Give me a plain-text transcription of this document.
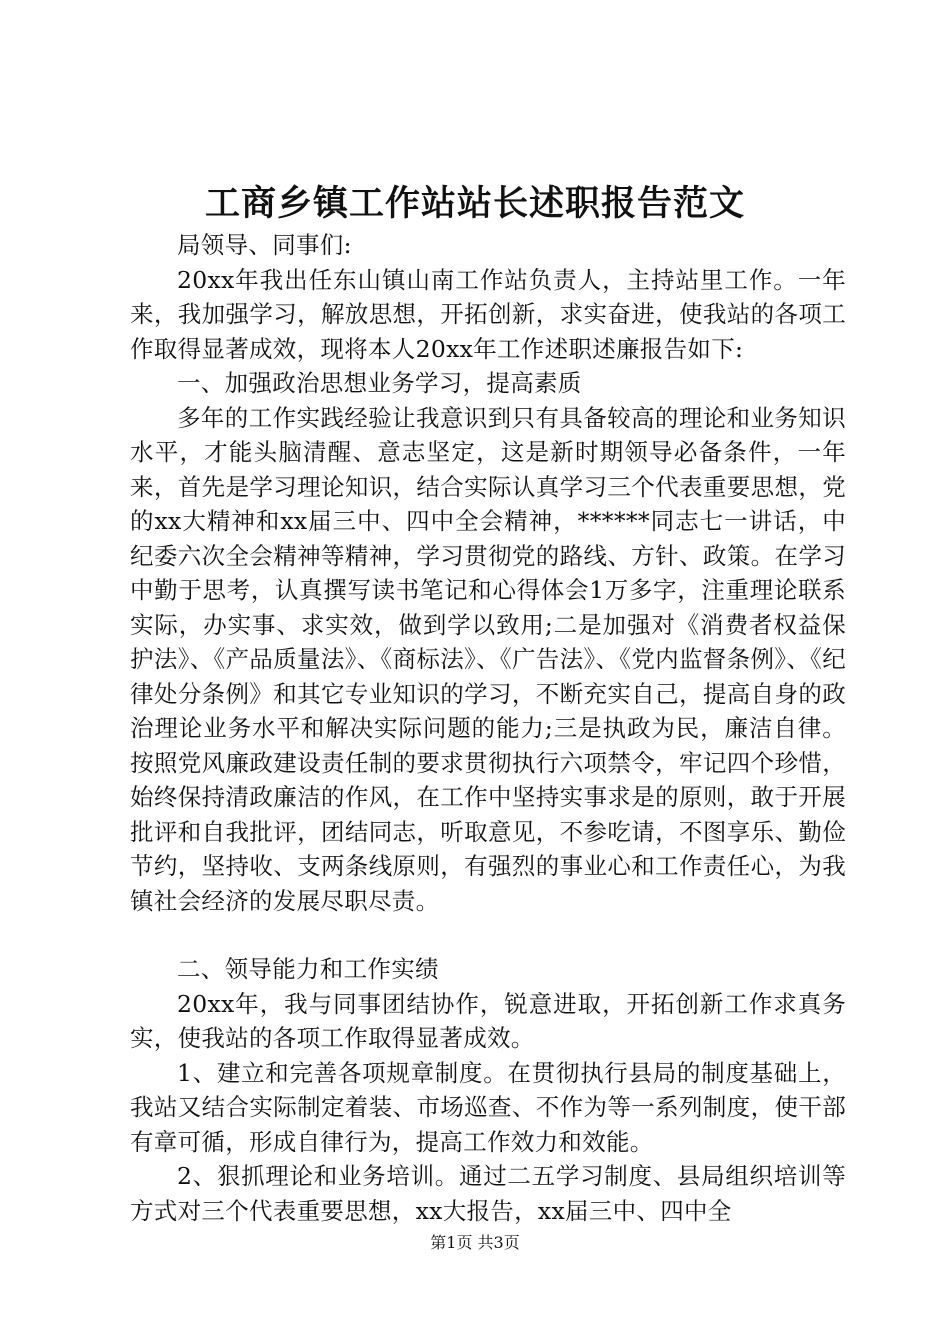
工商乡镇工作站站长述职报告范文

局领导、同事们:

20xx年我出任东山镇山南工作站负责人，主持站里工作。一年来，我加强学习，解放思想，开拓创新，求实奋进，使我站的各项工作取得显著成效，现将本人20xx年工作述职述廉报告如下:

一、加强政治思想业务学习，提高素质

多年的工作实践经验让我意识到只有具备较高的理论和业务知识水平，才能头脑清醒、意志坚定，这是新时期领导必备条件，一年来，首先是学习理论知识，结合实际认真学习三个代表重要思想，党的xx大精神和xx届三中、四中全会精神，******同志七一讲话，中纪委六次全会精神等精神，学习贯彻党的路线、方针、政策。在学习中勤于思考，认真撰写读书笔记和心得体会1万多字，注重理论联系实际，办实事、求实效，做到学以致用;二是加强对《消费者权益保护法》、《产品质量法》、《商标法》、《广告法》、《党内监督条例》、《纪律处分条例》和其它专业知识的学习，不断充实自己，提高自身的政治理论业务水平和解决实际问题的能力;三是执政为民，廉洁自律。按照党风廉政建设责任制的要求贯彻执行六项禁令，牢记四个珍惜，始终保持清政廉洁的作风，在工作中坚持实事求是的原则，敢于开展批评和自我批评，团结同志，听取意见，不参吃请，不图享乐、勤俭节约，坚持收、支两条线原则，有强烈的事业心和工作责任心，为我镇社会经济的发展尽职尽责。

二、领导能力和工作实绩

20xx年，我与同事团结协作，锐意进取，开拓创新工作求真务实，使我站的各项工作取得显著成效。

1、建立和完善各项规章制度。在贯彻执行县局的制度基础上，我站又结合实际制定着装、市场巡查、不作为等一系列制度，使干部有章可循，形成自律行为，提高工作效力和效能。

2、狠抓理论和业务培训。通过二五学习制度、县局组织培训等方式对三个代表重要思想，xx大报告，xx届三中、四中全

第1页 共3页
